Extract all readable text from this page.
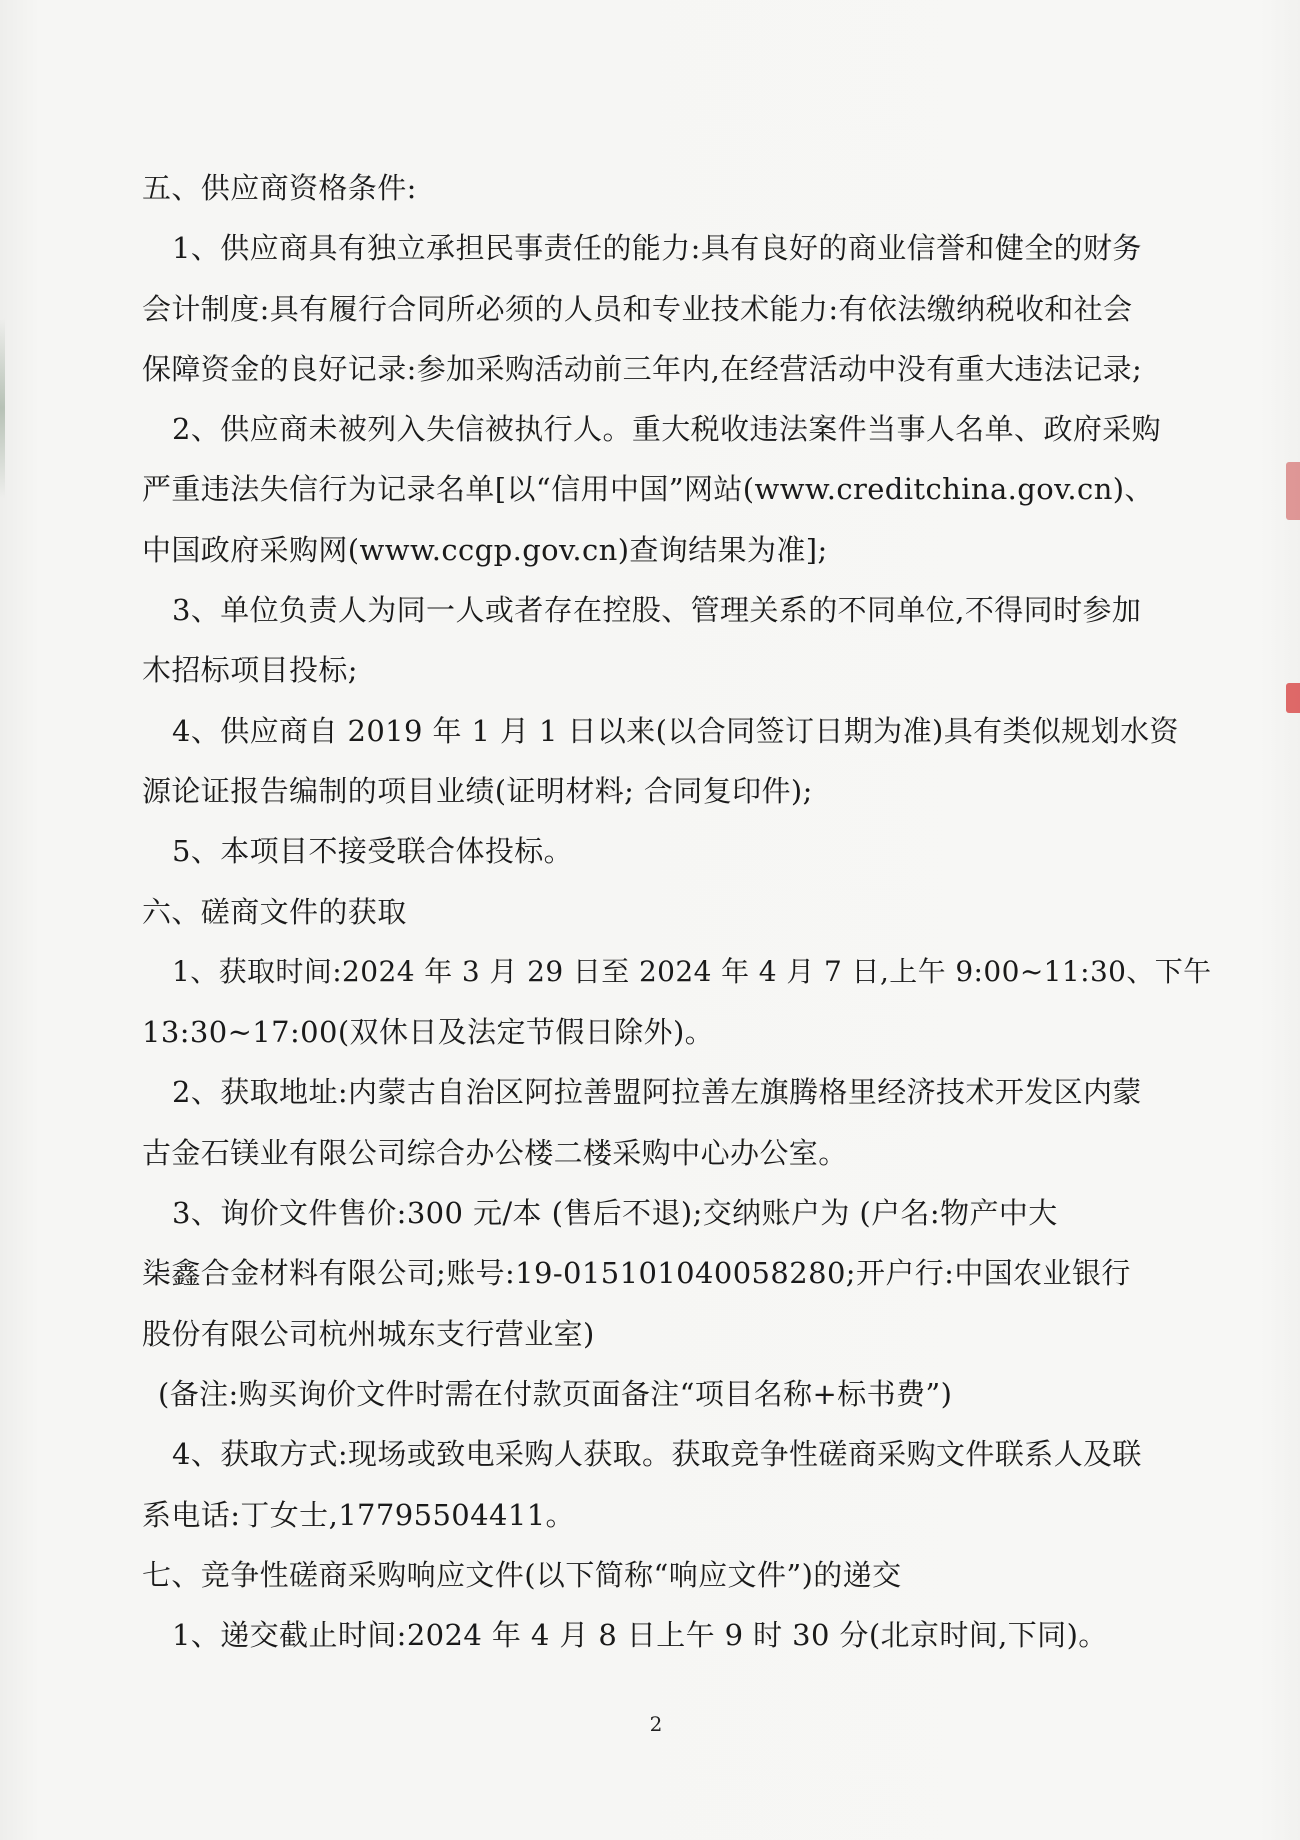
五、供应商资格条件:
1、供应商具有独立承担民事责任的能力:具有良好的商业信誉和健全的财务
会计制度:具有履行合同所必须的人员和专业技术能力:有依法缴纳税收和社会
保障资金的良好记录:参加采购活动前三年内,在经营活动中没有重大违法记录;
2、供应商未被列入失信被执行人。重大税收违法案件当事人名单、政府采购
严重违法失信行为记录名单[以“信用中国”网站(www.creditchina.gov.cn)、
中国政府采购网(www.ccgp.gov.cn)查询结果为准];
3、单位负责人为同一人或者存在控股、管理关系的不同单位,不得同时参加
木招标项目投标;
4、供应商自 2019 年 1 月 1 日以来(以合同签订日期为准)具有类似规划水资
源论证报告编制的项目业绩(证明材料; 合同复印件);
5、本项目不接受联合体投标。
六、磋商文件的获取
1、获取时间:2024 年 3 月 29 日至 2024 年 4 月 7 日,上午 9:00~11:30、下午
13:30~17:00(双休日及法定节假日除外)。
2、获取地址:内蒙古自治区阿拉善盟阿拉善左旗腾格里经济技术开发区内蒙
古金石镁业有限公司综合办公楼二楼采购中心办公室。
3、询价文件售价:300 元/本 (售后不退);交纳账户为 (户名:物产中大
柒鑫合金材料有限公司;账号:19-015101040058280;开户行:中国农业银行
股份有限公司杭州城东支行营业室)
(备注:购买询价文件时需在付款页面备注“项目名称+标书费”)
4、获取方式:现场或致电采购人获取。获取竞争性磋商采购文件联系人及联
系电话:丁女士,17795504411。
七、竞争性磋商采购响应文件(以下简称“响应文件”)的递交
1、递交截止时间:2024 年 4 月 8 日上午 9 时 30 分(北京时间,下同)。
2
